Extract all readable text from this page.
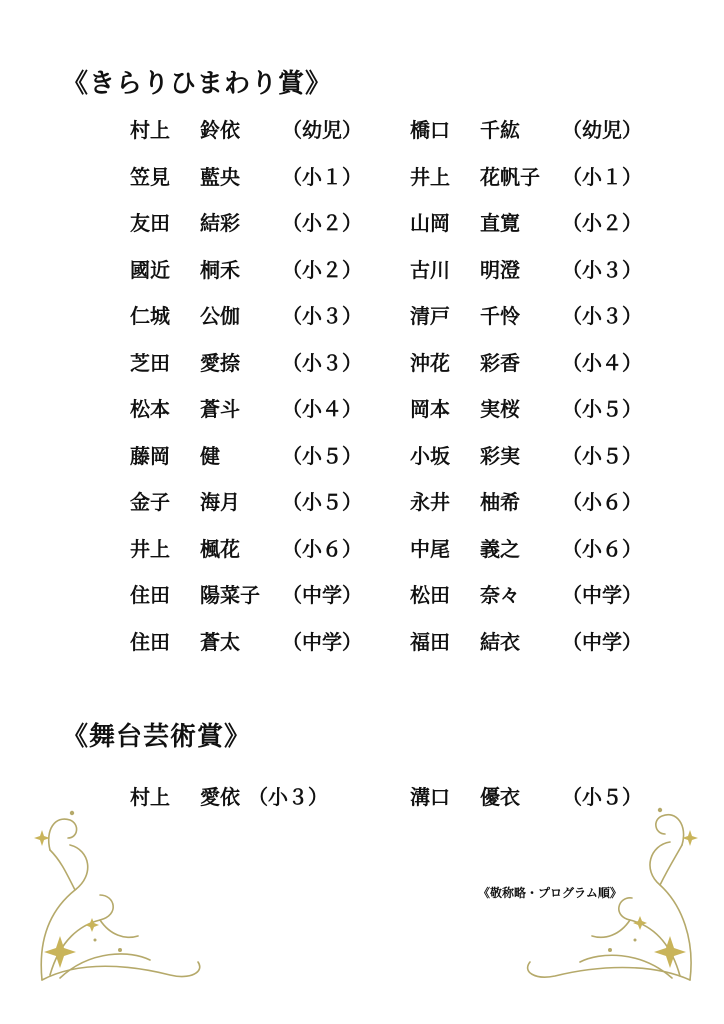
《きらりひまわり賞》
村上 鈴依 （幼児）
笠見 藍央 （小１）
友田 結彩 （小２）
國近 桐禾 （小２）
仁城 公伽 （小３）
芝田 愛捺 （小３）
松本 蒼斗 （小４）
藤岡 健	（小５）
金子 海月 （小５）
井上 楓花 （小６）
住田 陽菜子 （中学）
住田 蒼太 （中学）
橋口 千紘 （幼児）
井上 花帆子 （小１）
山岡 直寛 （小２）
古川 明澄 （小３）
清戸 千怜 （小３）
沖花 彩香 （小４）
岡本 実桜 （小５）
小坂 彩実 （小５）
永井 柚希 （小６）
中尾 義之 （小６）
松田 奈々 （中学）
福田 結衣 （中学）
《舞台芸術賞》
村上 愛依 （小３）	溝口 優衣 （小５）
《敬称略・プログラム順》
